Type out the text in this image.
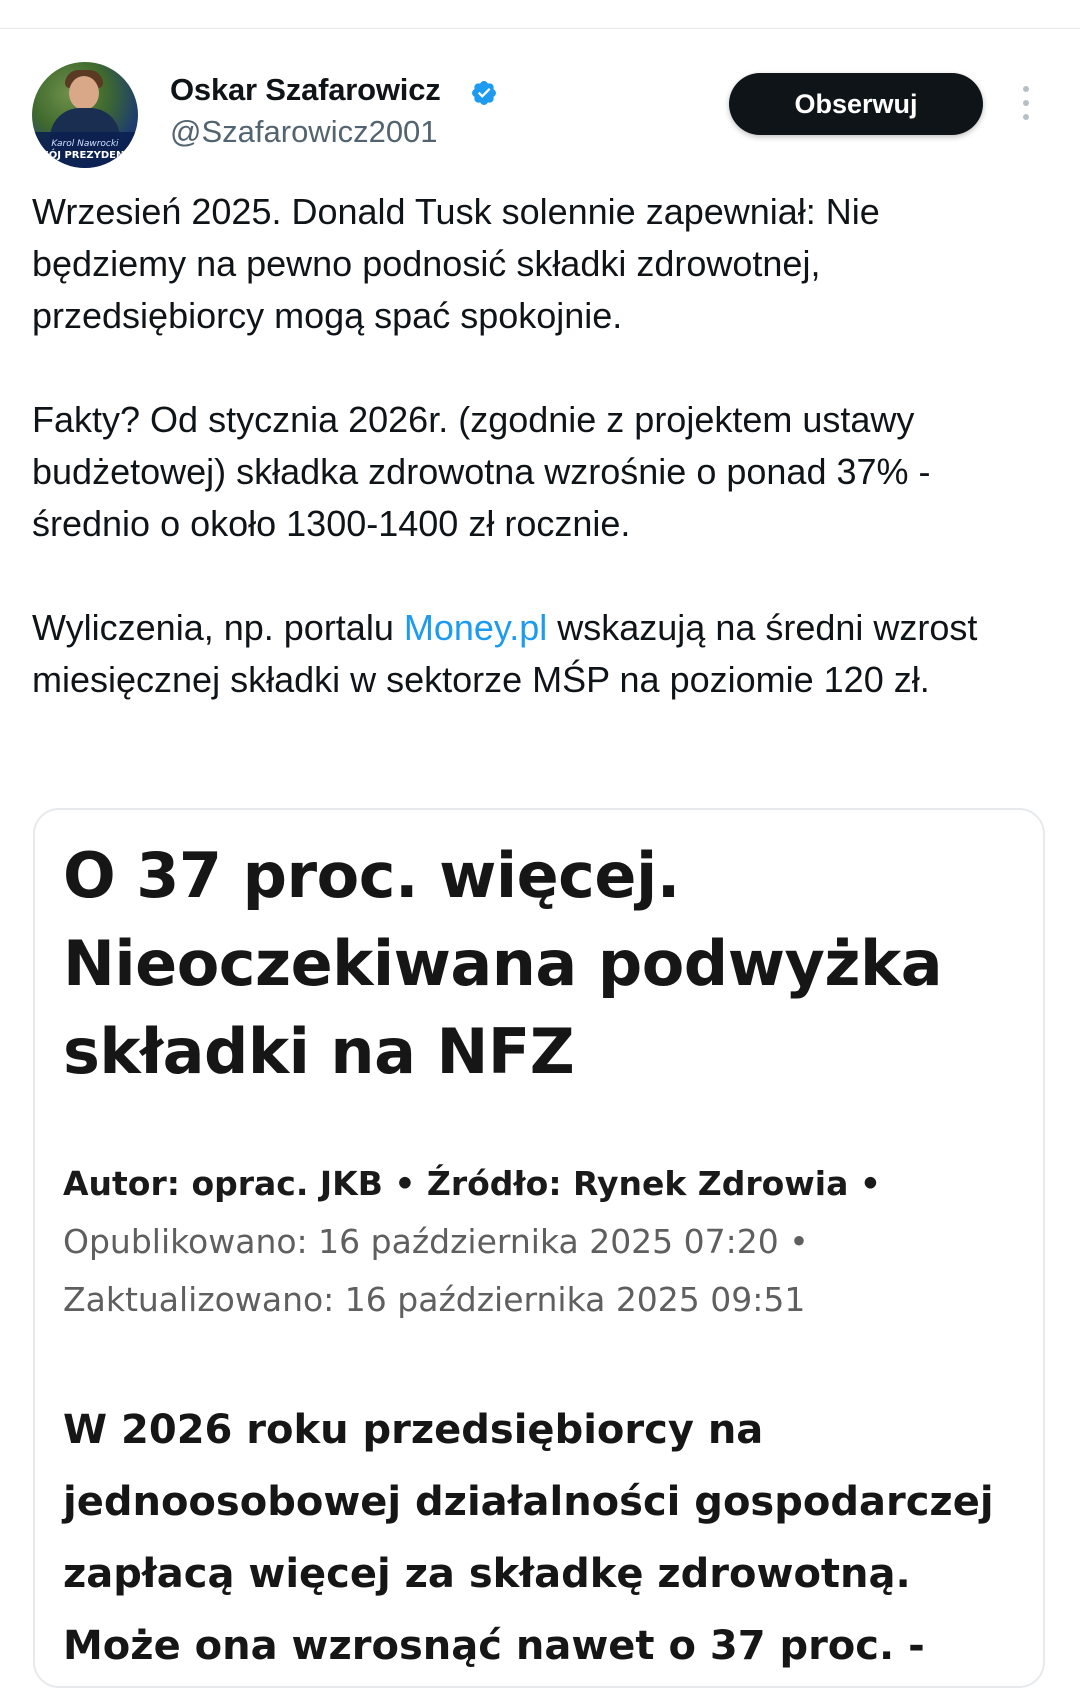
Karol Nawrocki
MÓJ PREZYDENT
Oskar Szafarowicz
@Szafarowicz2001
Obserwuj

Wrzesień 2025. Donald Tusk solennie zapewniał: Nie będziemy na pewno podnosić składki zdrowotnej, przedsiębiorcy mogą spać spokojnie.

Fakty? Od stycznia 2026r. (zgodnie z projektem ustawy budżetowej) składka zdrowotna wzrośnie o ponad 37% - średnio o około 1300-1400 zł rocznie.

Wyliczenia, np. portalu Money.pl wskazują na średni wzrost miesięcznej składki w sektorze MŚP na poziomie 120 zł.

O 37 proc. więcej. Nieoczekiwana podwyżka składki na NFZ
Autor: oprac. JKB • Źródło: Rynek Zdrowia •
Opublikowano: 16 października 2025 07:20 •
Zaktualizowano: 16 października 2025 09:51
W 2026 roku przedsiębiorcy na jednoosobowej działalności gospodarczej zapłacą więcej za składkę zdrowotną. Może ona wzrosnąć nawet o 37 proc. -
